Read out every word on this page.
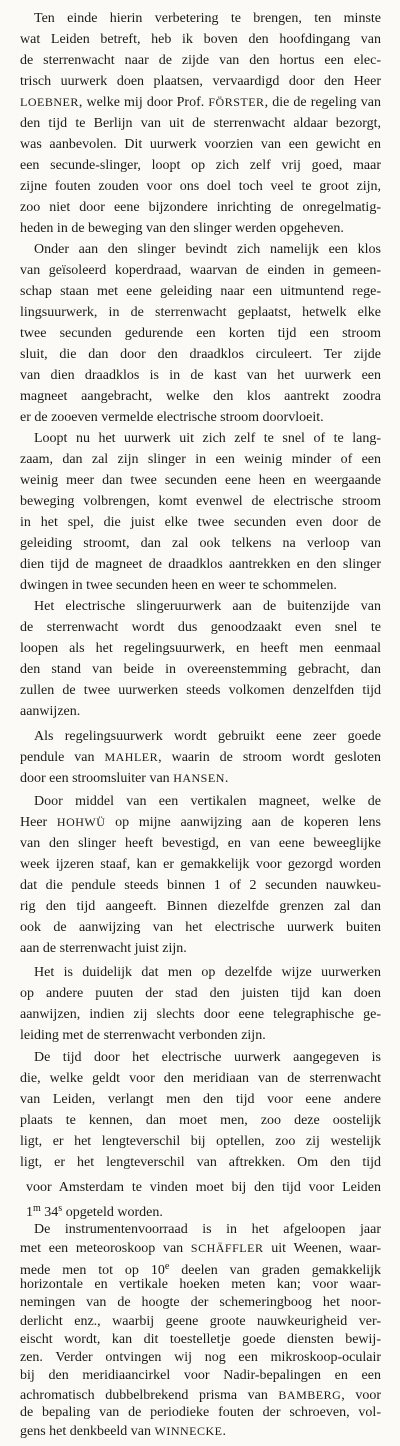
Ten einde hierin verbetering te brengen, ten minste
wat Leiden betreft, heb ik boven den hoofdingang van
de sterrenwacht naar de zijde van den hortus een elec-
trisch uurwerk doen plaatsen, vervaardigd door den Heer
LOEBNER, welke mij door Prof. FÖRSTER, die de regeling van
den tijd te Berlijn van uit de sterrenwacht aldaar bezorgt,
was aanbevolen. Dit uurwerk voorzien van een gewicht en
een secunde-slinger, loopt op zich zelf vrij goed, maar
zijne fouten zouden voor ons doel toch veel te groot zijn,
zoo niet door eene bijzondere inrichting de onregelmatig-
heden in de beweging van den slinger werden opgeheven.
Onder aan den slinger bevindt zich namelijk een klos
van geïsoleerd koperdraad, waarvan de einden in gemeen-
schap staan met eene geleiding naar een uitmuntend rege-
lingsuurwerk, in de sterrenwacht geplaatst, hetwelk elke
twee secunden gedurende een korten tijd een stroom
sluit, die dan door den draadklos circuleert. Ter zijde
van dien draadklos is in de kast van het uurwerk een
magneet aangebracht, welke den klos aantrekt zoodra
er de zooeven vermelde electrische stroom doorvloeit.
Loopt nu het uurwerk uit zich zelf te snel of te lang-
zaam, dan zal zijn slinger in een weinig minder of een
weinig meer dan twee secunden eene heen en weergaande
beweging volbrengen, komt evenwel de electrische stroom
in het spel, die juist elke twee secunden even door de
geleiding stroomt, dan zal ook telkens na verloop van
dien tijd de magneet de draadklos aantrekken en den slinger
dwingen in twee secunden heen en weer te schommelen.
Het electrische slingeruurwerk aan de buitenzijde van
de sterrenwacht wordt dus genoodzaakt even snel te
loopen als het regelingsuurwerk, en heeft men eenmaal
den stand van beide in overeenstemming gebracht, dan
zullen de twee uurwerken steeds volkomen denzelfden tijd
aanwijzen.
Als regelingsuurwerk wordt gebruikt eene zeer goede
pendule van MAHLER, waarin de stroom wordt gesloten
door een stroomsluiter van HANSEN.
Door middel van een vertikalen magneet, welke de
Heer HOHWÜ op mijne aanwijzing aan de koperen lens
van den slinger heeft bevestigd, en van eene beweeglijke
week ijzeren staaf, kan er gemakkelijk voor gezorgd worden
dat die pendule steeds binnen 1 of 2 secunden nauwkeu-
rig den tijd aangeeft. Binnen diezelfde grenzen zal dan
ook de aanwijzing van het electrische uurwerk buiten
aan de sterrenwacht juist zijn.
Het is duidelijk dat men op dezelfde wijze uurwerken
op andere puuten der stad den juisten tijd kan doen
aanwijzen, indien zij slechts door eene telegraphische ge-
leiding met de sterrenwacht verbonden zijn.
De tijd door het electrische uurwerk aangegeven is
die, welke geldt voor den meridiaan van de sterrenwacht
van Leiden, verlangt men den tijd voor eene andere
plaats te kennen, dan moet men, zoo deze oostelijk
ligt, er het lengteverschil bij optellen, zoo zij westelijk
ligt, er het lengteverschil van aftrekken. Om den tijd
voor Amsterdam te vinden moet bij den tijd voor Leiden
1$^m$ 34$^s$ opgeteld worden.
De instrumentenvoorraad is in het afgeloopen jaar
met een meteoroskoop van SCHÄFFLER uit Weenen, waar-
mede men tot op 10e deelen van graden gemakkelijk
horizontale en vertikale hoeken meten kan; voor waar-
nemingen van de hoogte der schemeringboog het noor-
derlicht enz., waarbij geene groote nauwkeurigheid ver-
eischt wordt, kan dit toestelletje goede diensten bewij-
zen. Verder ontvingen wij nog een mikroskoop-oculair
bij den meridiaancirkel voor Nadir-bepalingen en een
achromatisch dubbelbrekend prisma van BAMBERG, voor
de bepaling van de periodieke fouten der schroeven, vol-
gens het denkbeeld van WINNECKE.
